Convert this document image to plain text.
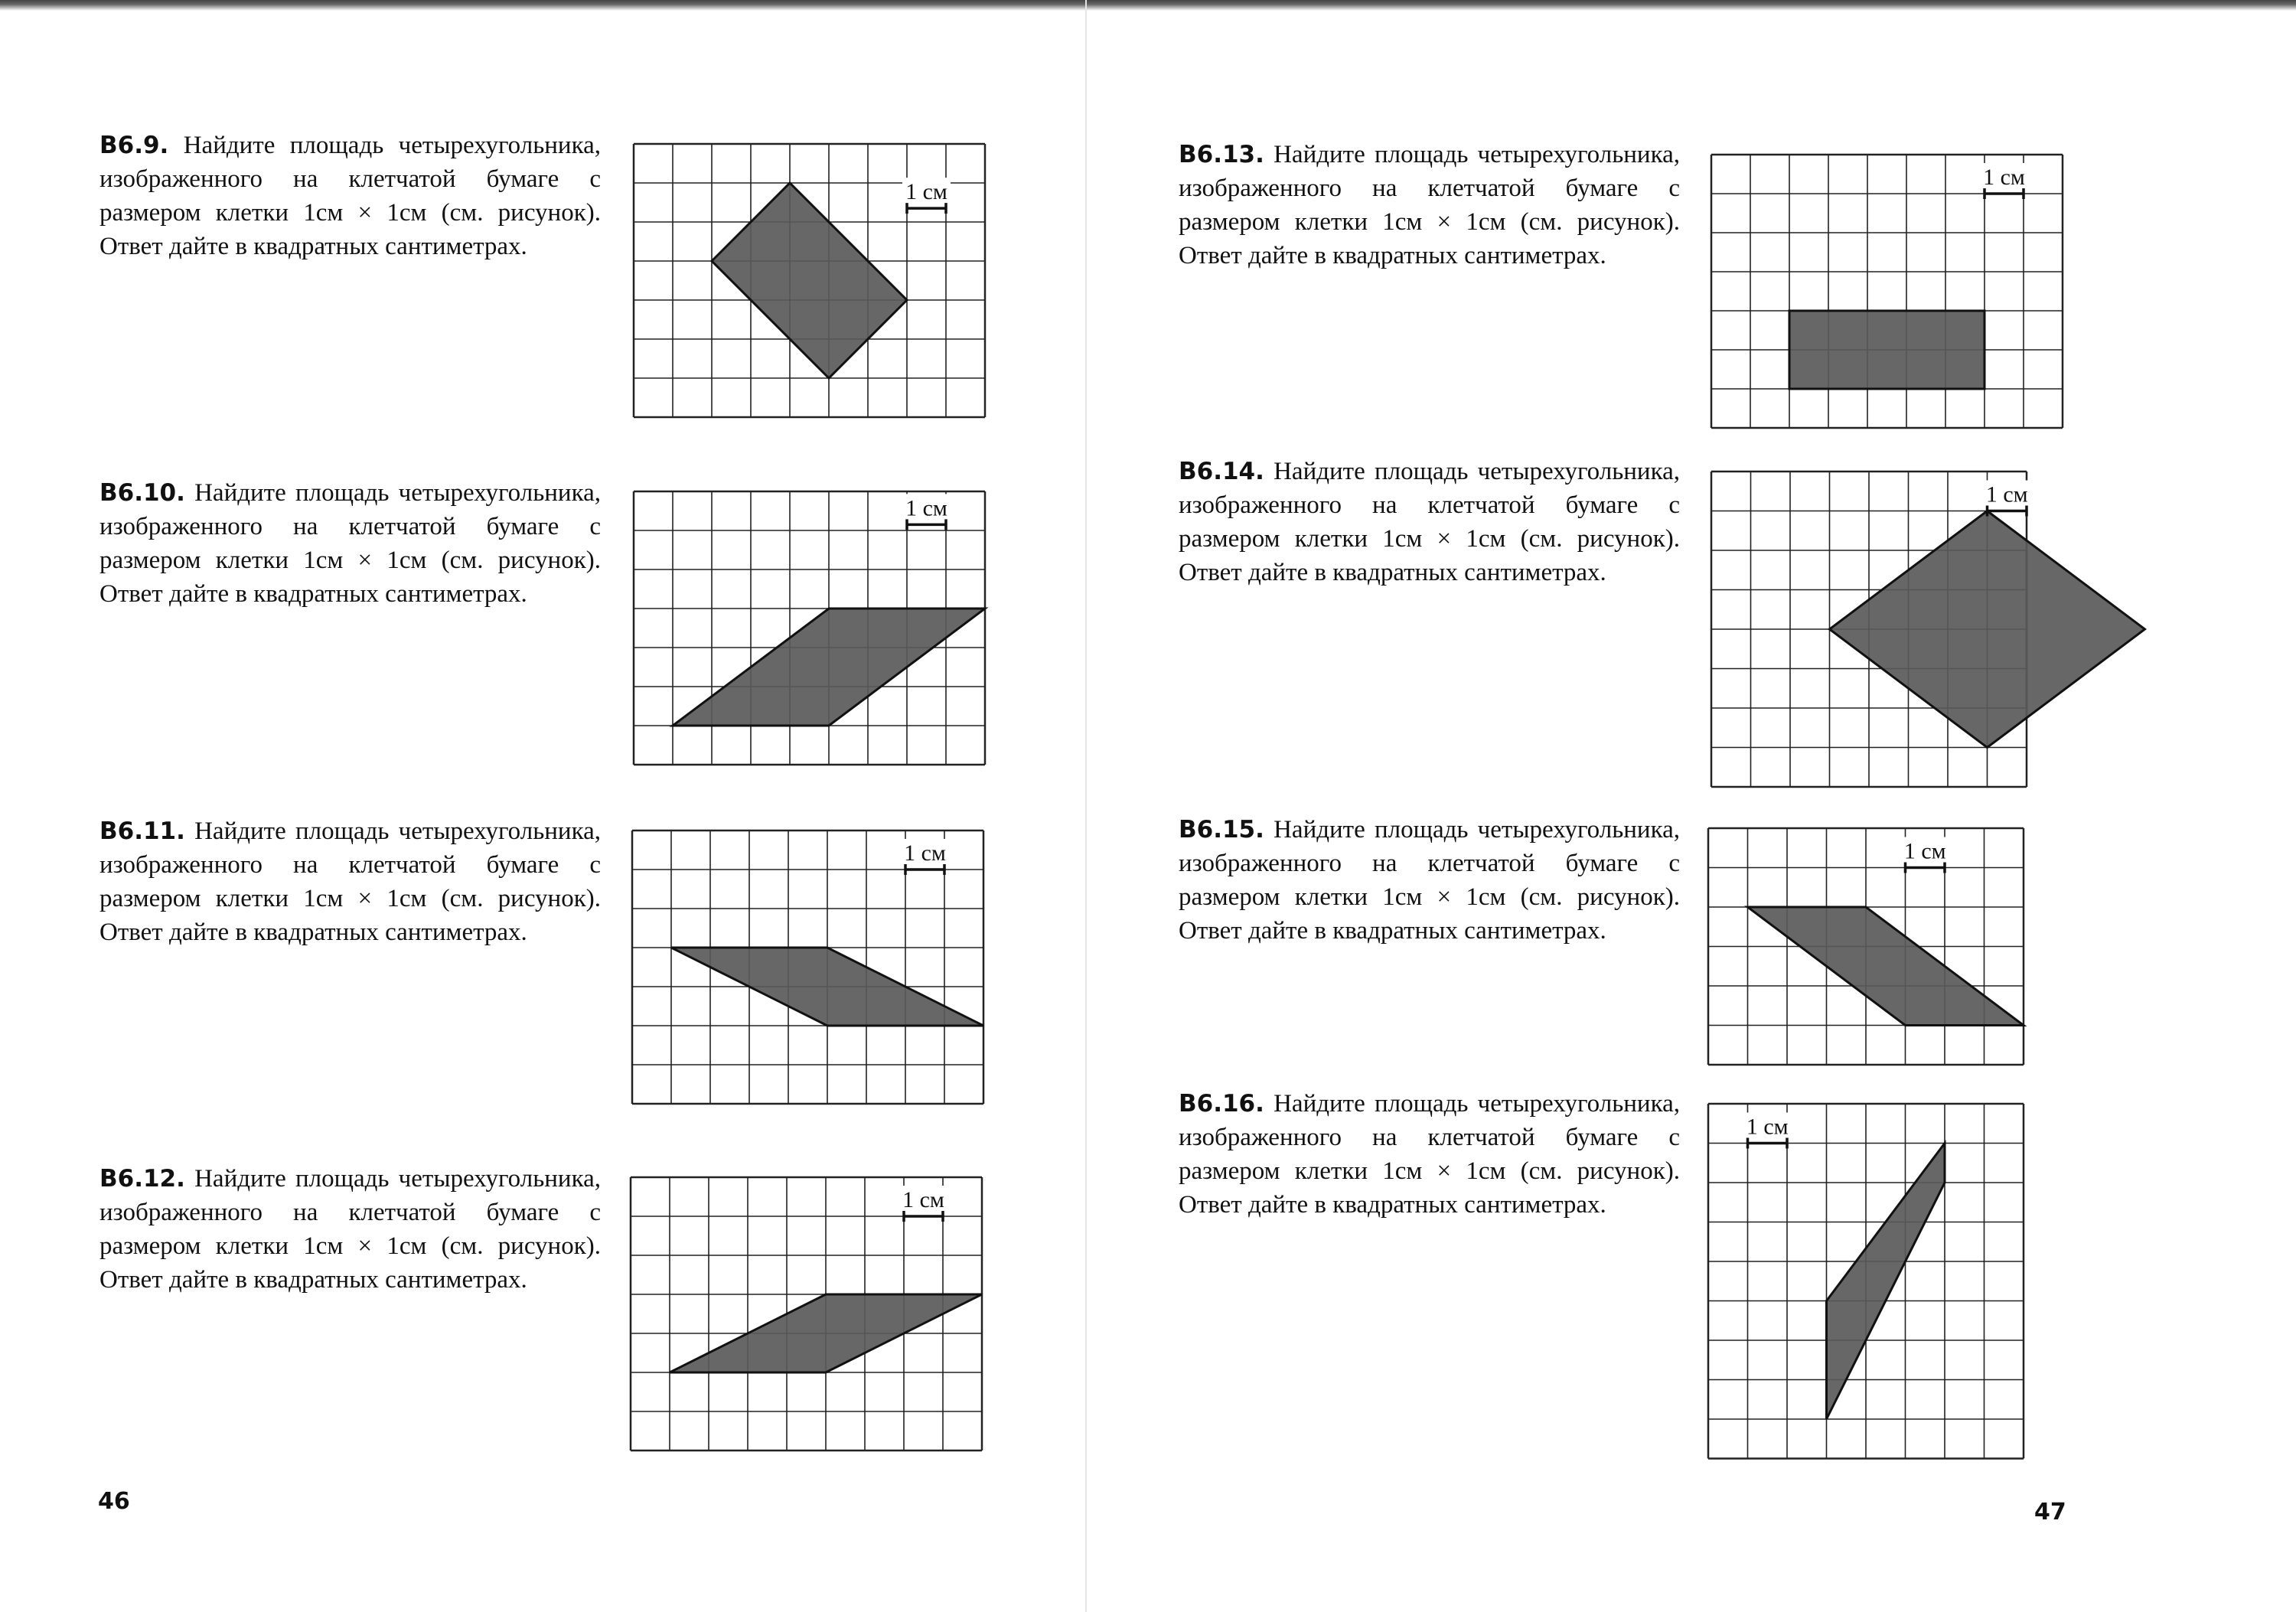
B6.9. Найдите площадь четырехугольника, изображенного на клетчатой бумаге с размером клетки 1см × 1см (см. рисунок). Ответ дайте в квадратных сантиметрах.
1 см
B6.10. Найдите площадь четырехугольника, изображенного на клетчатой бумаге с размером клетки 1см × 1см (см. рисунок). Ответ дайте в квадратных сантиметрах.
1 см
B6.11. Найдите площадь четырехугольника, изображенного на клетчатой бумаге с размером клетки 1см × 1см (см. рисунок). Ответ дайте в квадратных сантиметрах.
1 см
B6.12. Найдите площадь четырехугольника, изображенного на клетчатой бумаге с размером клетки 1см × 1см (см. рисунок). Ответ дайте в квадратных сантиметрах.
1 см
46
B6.13. Найдите площадь четырехугольника, изображенного на клетчатой бумаге с размером клетки 1см × 1см (см. рисунок). Ответ дайте в квадратных сантиметрах.
1 см
B6.14. Найдите площадь четырехугольника, изображенного на клетчатой бумаге с размером клетки 1см × 1см (см. рисунок). Ответ дайте в квадратных сантиметрах.
1 см
B6.15. Найдите площадь четырехугольника, изображенного на клетчатой бумаге с размером клетки 1см × 1см (см. рисунок). Ответ дайте в квадратных сантиметрах.
1 см
B6.16. Найдите площадь четырехугольника, изображенного на клетчатой бумаге с размером клетки 1см × 1см (см. рисунок). Ответ дайте в квадратных сантиметрах.
1 см
47
